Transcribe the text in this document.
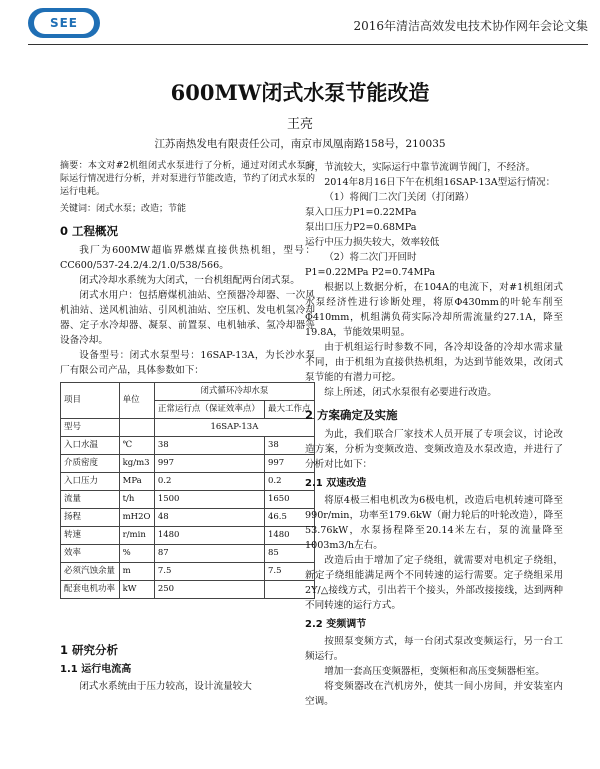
SEE	2016年清洁高效发电技术协作网年会论文集
600MW闭式水泵节能改造
王亮
江苏南热发电有限责任公司，南京市凤凰南路158号，210035

摘要：本文对#2机组闭式水泵进行了分析，通过对闭式水泵实际运行情况进行分析，并对泵进行节能改造，节约了闭式水泵的运行电耗。

关键词：闭式水泵；改造；节能
0 工程概况

我厂为600MW超临界燃煤直接供热机组，型号：CC600/537-24.2/4.2/1.0/538/566。

闭式冷却水系统为大闭式，一台机组配两台闭式泵。

闭式水用户：包括磨煤机油站、空预器冷却器、一次风机油站、送风机油站、引风机油站、空压机、发电机氢冷却器、定子水冷却器、凝泵、前置泵、电机轴承、氢冷却器等设备冷却。

设备型号：闭式水泵型号：16SAP-13A，为长沙水泵厂有限公司产品，具体参数如下：

项目	单位	闭式循环冷却水泵	
		正常运行点（保证效率点）	最大工作点
型号		16SAP-13A	
入口水温	℃	38	38
介质密度	kg/m3	997	997
入口压力	MPa	0.2	0.2
流量	t/h	1500	1650
扬程	mH2O	48	46.5
转速	r/min	1480	1480
效率	%	87	85
必须汽蚀余量	m	7.5	7.5
配套电机功率	kW	250	
1 研究分析
1.1 运行电流高

闭式水系统由于压力较高，设计流量较大

时，节流较大，实际运行中靠节流调节阀门，不经济。

2014年8月16日下午在机组16SAP-13A型运行情况：

（1）将阀门二次门关闭（打闭路）

泵入口压力P1=0.22MPa

泵出口压力P2=0.68MPa

运行中压力损失较大，效率较低

（2）将二次门开回时

P1=0.22MPa P2=0.74MPa

根据以上数据分析，在104A的电流下，对#1机组闭式水泵经济性进行诊断处理，将原Φ430mm的叶轮车削至Φ410mm，机组满负荷实际冷却所需流量约27.1A，降至19.8A，节能效果明显。

由于机组运行时参数不同，各冷却设备的冷却水需求量不同，由于机组为直接供热机组，为达到节能效果，改闭式泵节能的有潜力可挖。

综上所述，闭式水泵很有必要进行改造。

2 方案确定及实施

为此，我们联合厂家技术人员开展了专项会议，讨论改造方案，分析为变频改造、变频改造及水泵改造，并进行了分析对比如下：

2.1 双速改造

将原4极三相电机改为6极电机，改造后电机转速可降至990r/min，功率至179.6kW（耐力轮后的叶轮改造），降至53.76kW，水泵扬程降至20.14米左右，泵的流量降至1003m3/h左右。

改造后由于增加了定子绕组，就需要对电机定子绕组，新定子绕组能满足两个不同转速的运行需要。定子绕组采用2Y/△接线方式，引出若干个接头，外部改接接线，达到两种不同转速的运行方式。

2.2 变频调节

按照泵变频方式，每一台闭式泵改变频运行，另一台工频运行。

增加一套高压变频器柜，变频柜和高压变频器柜室。

将变频器改在汽机房外，使其一间小房间，并安装室内空调。
